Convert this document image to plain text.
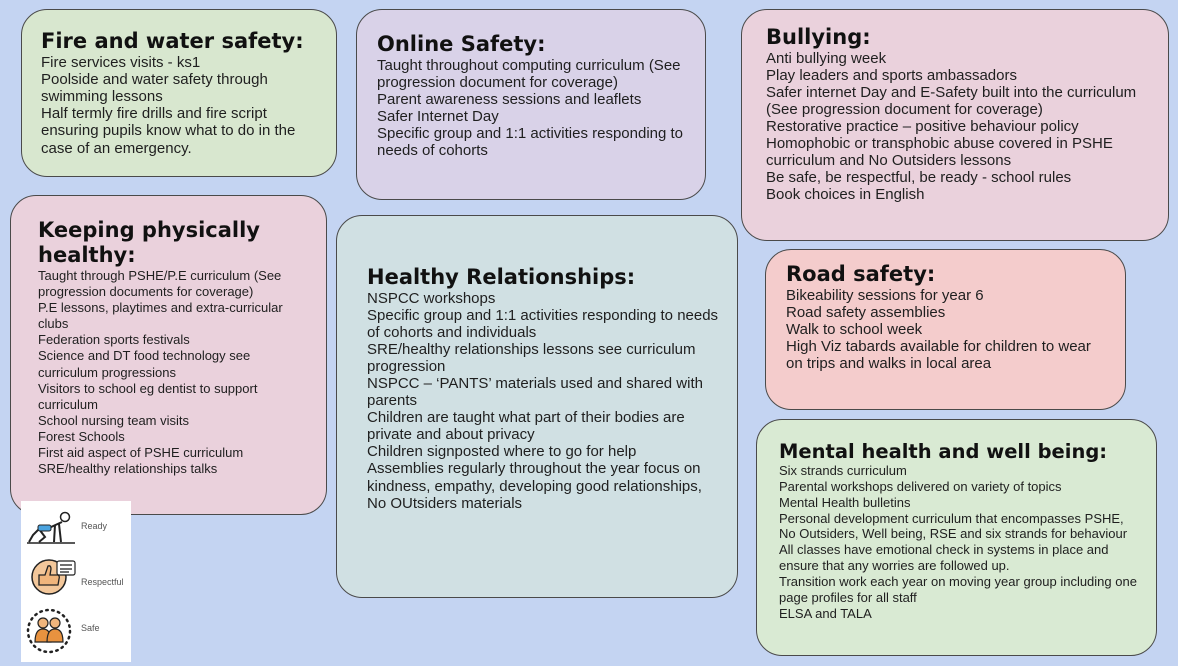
Fire and water safety:
Fire services visits - ks1
Poolside and water safety through swimming lessons
Half termly fire drills and fire script ensuring pupils know what to do in the case of an emergency.
Online Safety:
Taught throughout computing curriculum (See progression document for coverage)
Parent awareness sessions and leaflets
Safer Internet Day
Specific group and 1:1 activities responding to needs of cohorts
Bullying:
Anti bullying week
Play leaders and sports ambassadors
Safer internet Day and E-Safety built into the curriculum (See progression document for coverage)
Restorative practice – positive behaviour policy
Homophobic or transphobic abuse covered in PSHE curriculum and No Outsiders lessons
Be safe, be respectful, be ready - school rules
Book choices in English
Keeping physically healthy:
Taught through PSHE/P.E curriculum (See progression documents for coverage)
P.E lessons, playtimes and extra-curricular clubs
Federation sports festivals
Science and DT food technology see curriculum progressions
Visitors to school eg dentist to support curriculum
School nursing team visits
Forest Schools
First aid aspect of PSHE curriculum
SRE/healthy relationships talks
Healthy Relationships:
NSPCC workshops
Specific group and 1:1 activities responding to needs of cohorts and individuals
SRE/healthy relationships lessons see curriculum progression
NSPCC – ‘PANTS’ materials used and shared with parents
Children are taught what part of their bodies are private and about privacy
Children signposted where to go for help
Assemblies regularly throughout the year focus on kindness, empathy, developing good relationships,
No OUtsiders materials
Road safety:
Bikeability sessions for year 6
Road safety assemblies
Walk to school week
High Viz tabards available for children to wear on trips and walks in local area
Mental health and well being:
Six strands curriculum
Parental workshops delivered on variety of topics
Mental Health bulletins
Personal development curriculum that encompasses PSHE, No Outsiders, Well being, RSE and six strands for behaviour
All classes have emotional check in systems in place and ensure that any worries are followed up.
Transition work each year on moving year group including one page profiles for all staff
ELSA and TALA
Ready
Respectful
Safe
